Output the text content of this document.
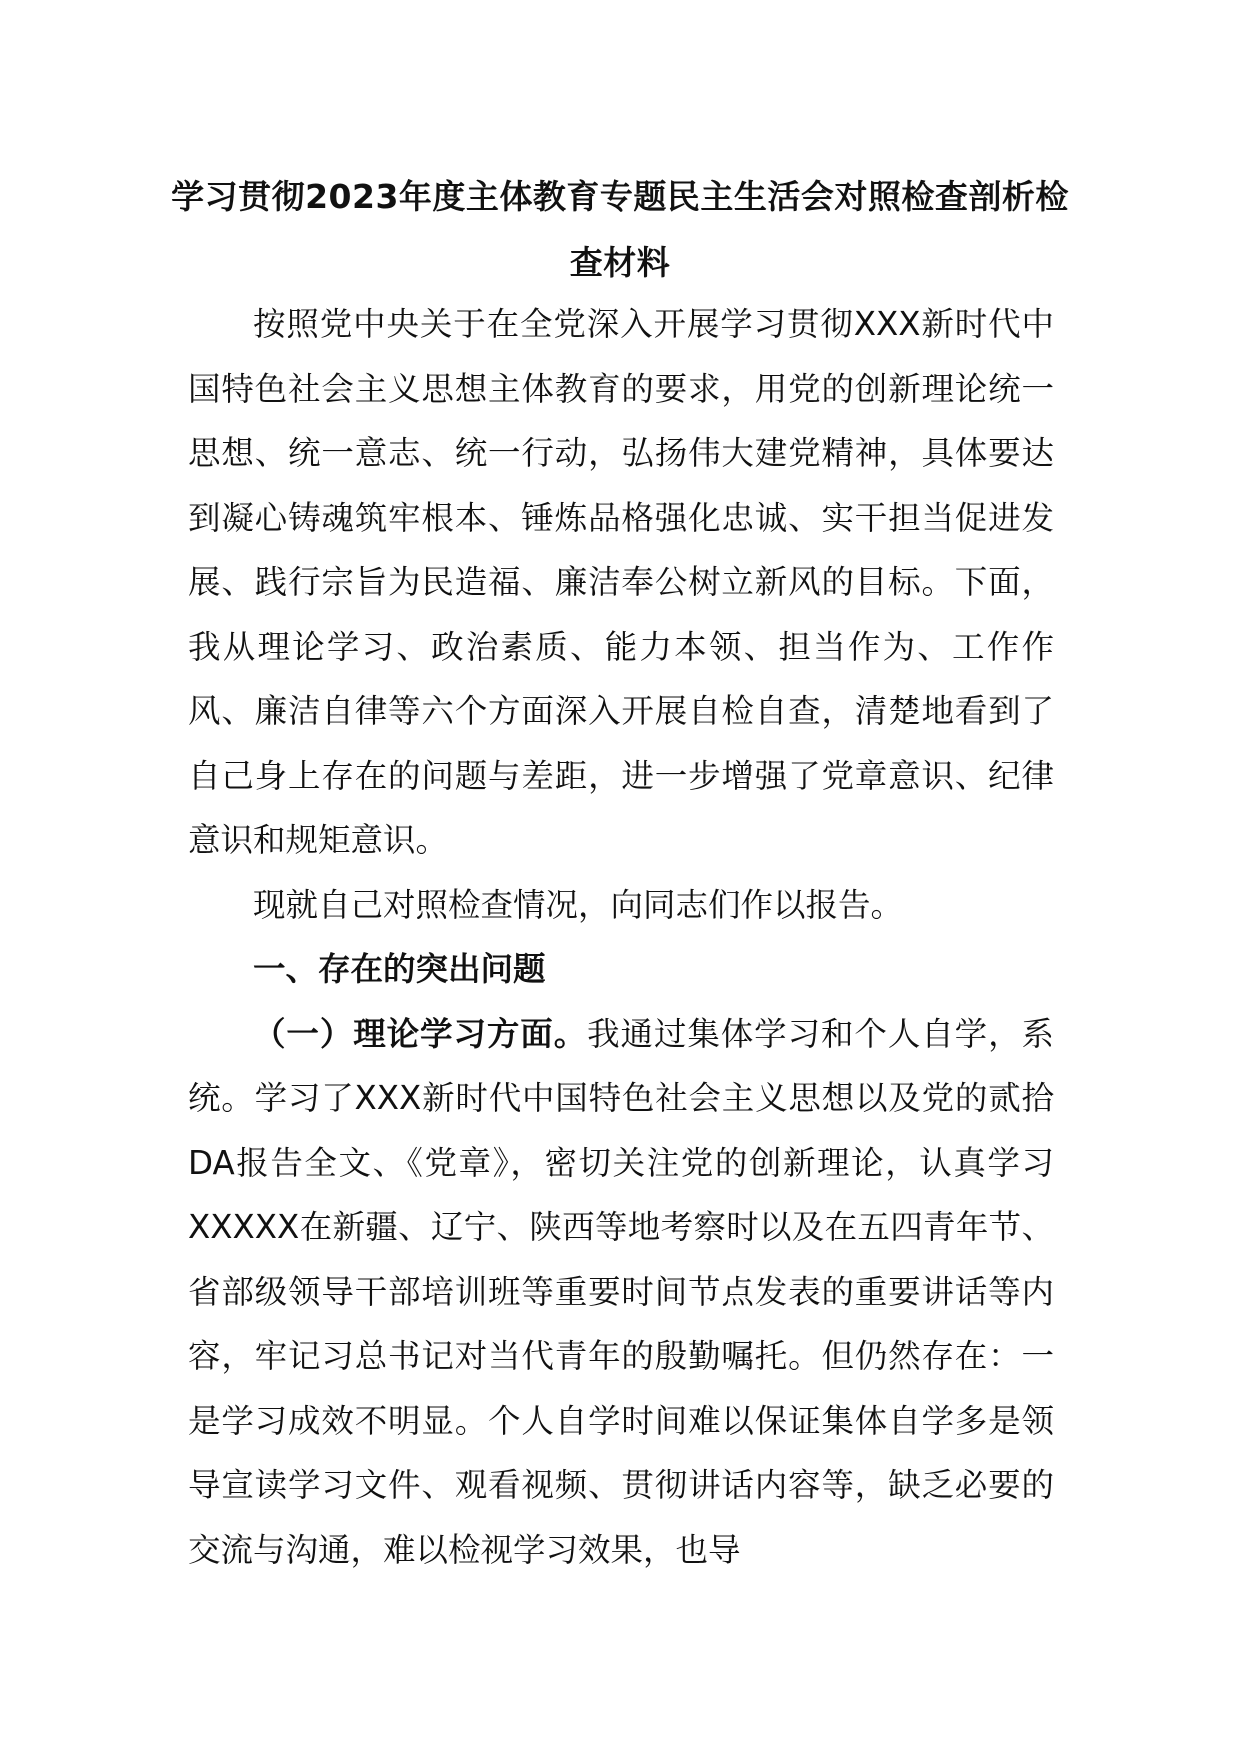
学习贯彻2023年度主体教育专题民主生活会对照检查剖析检查材料

按照党中央关于在全党深入开展学习贯彻XXX新时代中国特色社会主义思想主体教育的要求，用党的创新理论统一思想、统一意志、统一行动，弘扬伟大建党精神，具体要达到凝心铸魂筑牢根本、锤炼品格强化忠诚、实干担当促进发展、践行宗旨为民造福、廉洁奉公树立新风的目标。下面，我从理论学习、政治素质、能力本领、担当作为、工作作风、廉洁自律等六个方面深入开展自检自查，清楚地看到了自己身上存在的问题与差距，进一步增强了党章意识、纪律意识和规矩意识。

现就自己对照检查情况，向同志们作以报告。

一、存在的突出问题

（一）理论学习方面。我通过集体学习和个人自学，系统。学习了XXX新时代中国特色社会主义思想以及党的贰拾DA报告全文、《党章》，密切关注党的创新理论，认真学习XXXXX在新疆、辽宁、陕西等地考察时以及在五四青年节、省部级领导干部培训班等重要时间节点发表的重要讲话等内容，牢记习总书记对当代青年的殷勤嘱托。但仍然存在：一是学习成效不明显。个人自学时间难以保证集体自学多是领导宣读学习文件、观看视频、贯彻讲话内容等，缺乏必要的交流与沟通，难以检视学习效果，也导
